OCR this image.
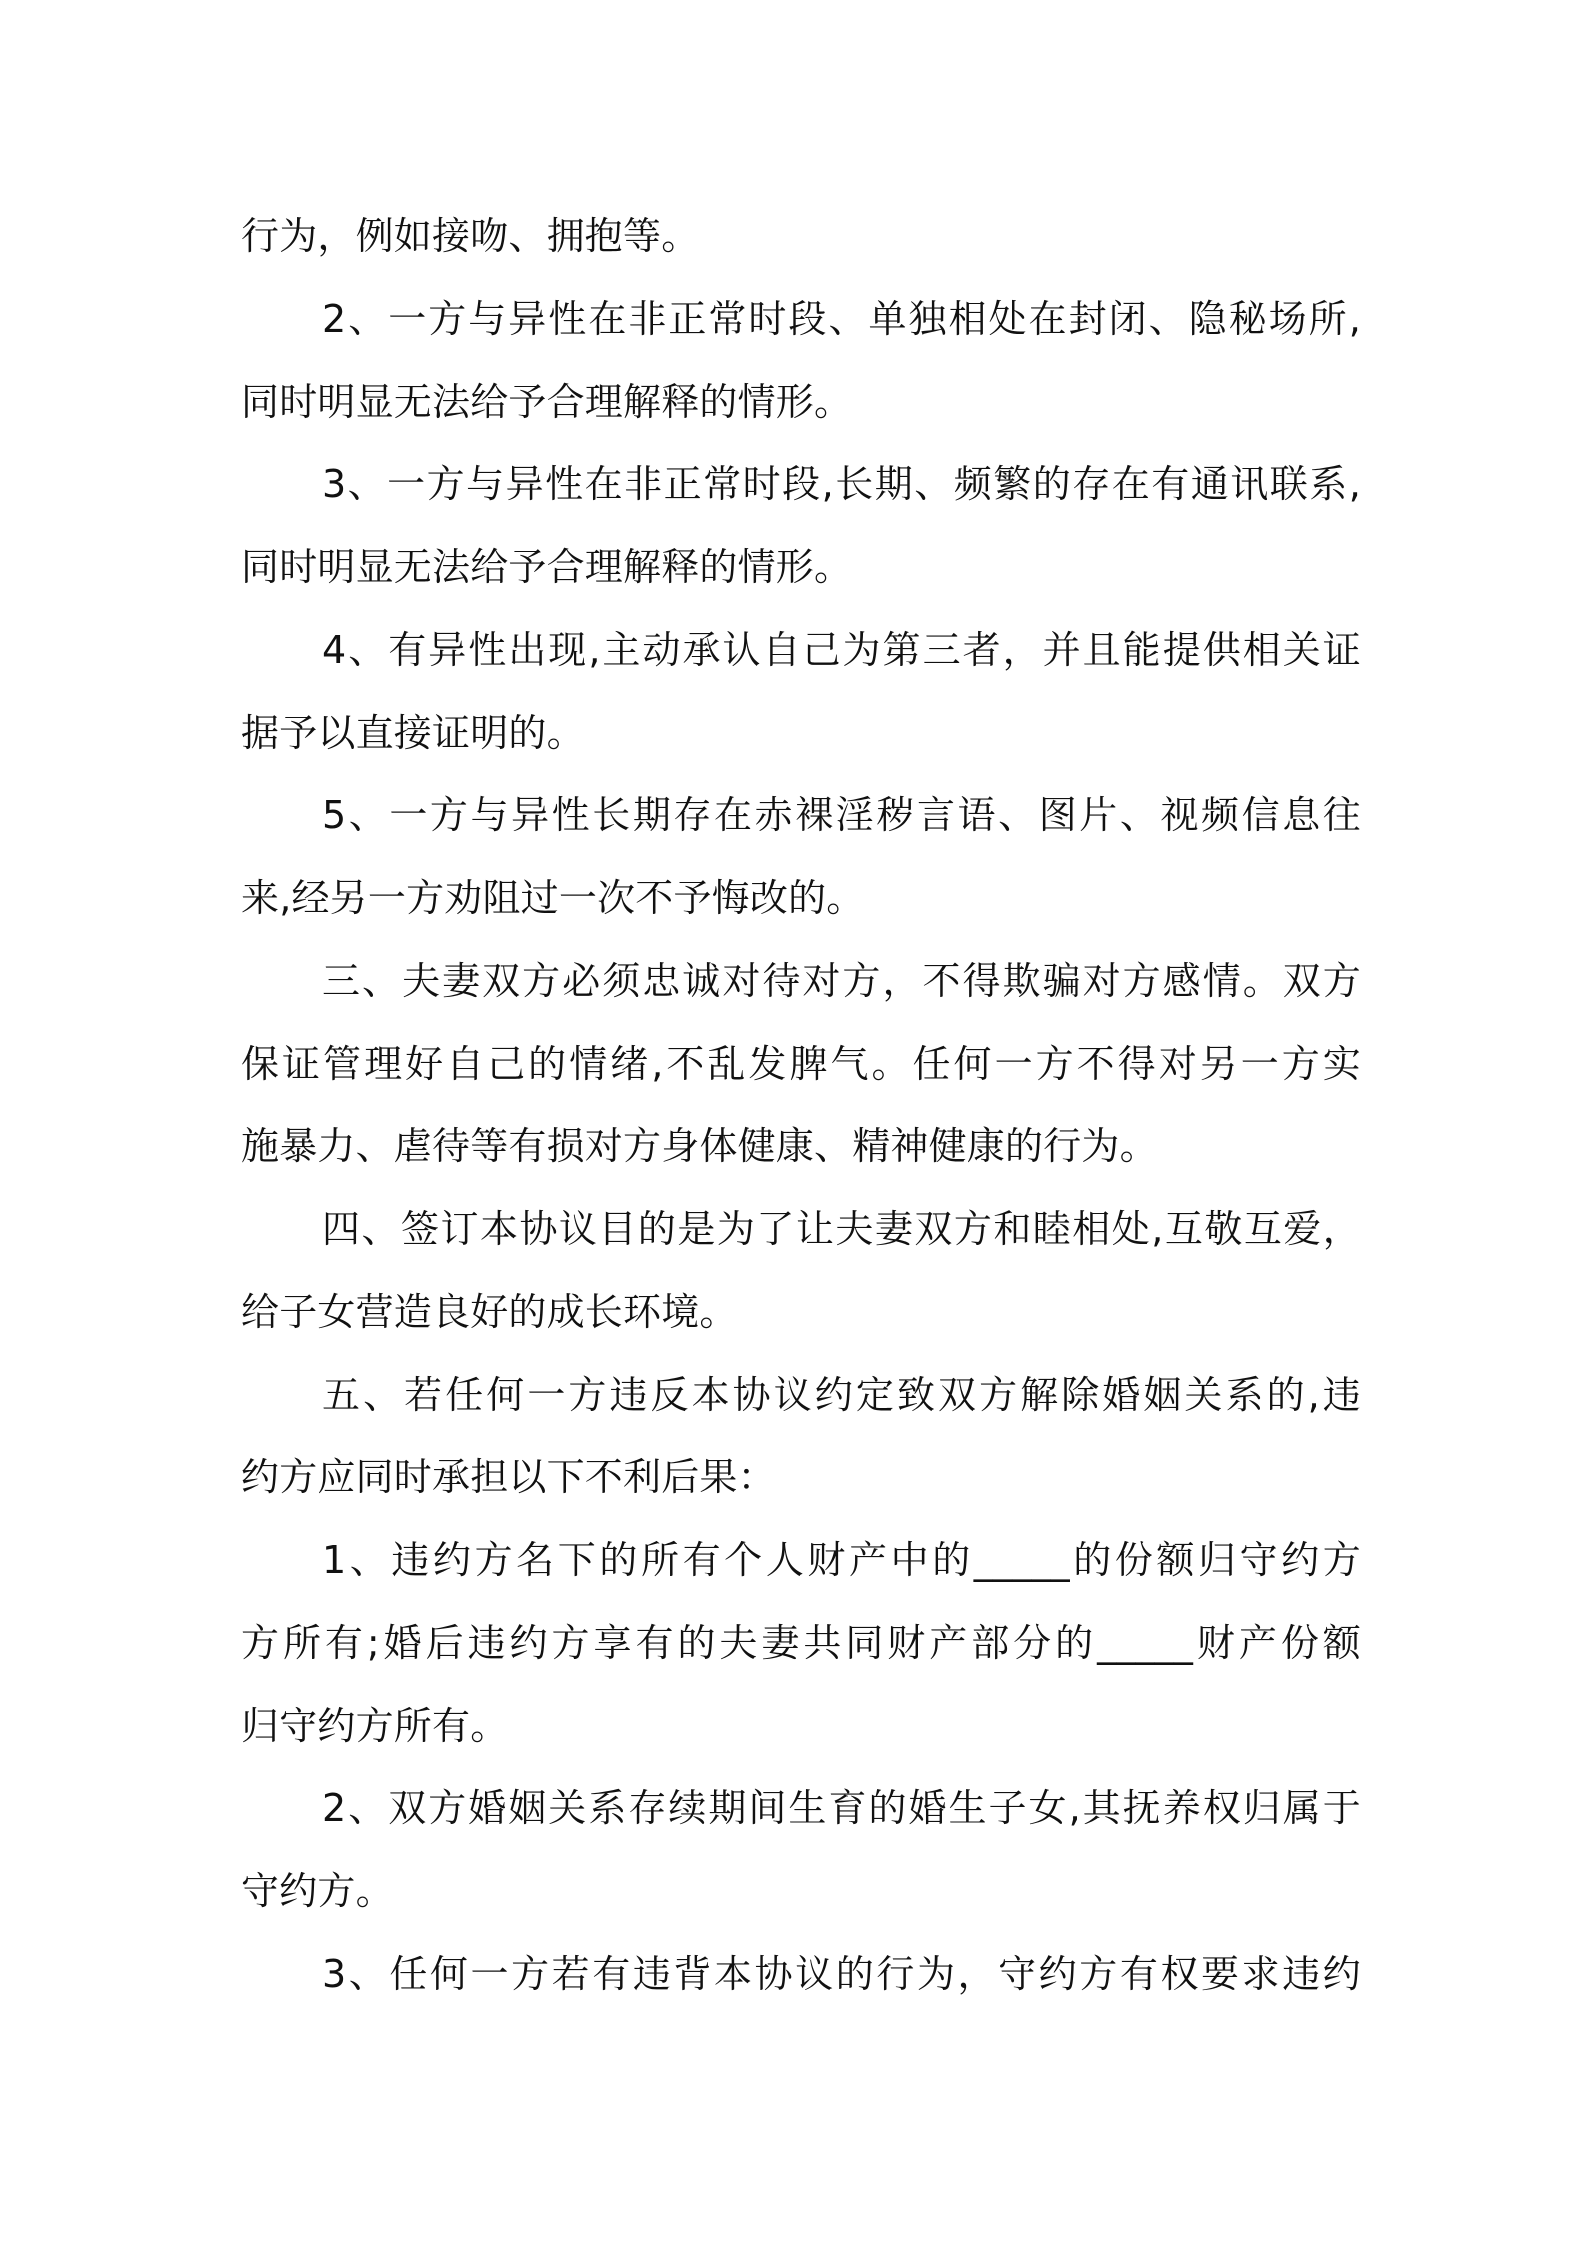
行为，例如接吻、拥抱等。
2、一方与异性在非正常时段、单独相处在封闭、隐秘场所,
同时明显无法给予合理解释的情形。
3、一方与异性在非正常时段,长期、频繁的存在有通讯联系,
同时明显无法给予合理解释的情形。
4、有异性出现,主动承认自己为第三者，并且能提供相关证
据予以直接证明的。
5、一方与异性长期存在赤裸淫秽言语、图片、视频信息往
来,经另一方劝阻过一次不予悔改的。
三、夫妻双方必须忠诚对待对方，不得欺骗对方感情。双方
保证管理好自己的情绪,不乱发脾气。任何一方不得对另一方实
施暴力、虐待等有损对方身体健康、精神健康的行为。
四、签订本协议目的是为了让夫妻双方和睦相处,互敬互爱，
给子女营造良好的成长环境。
五、若任何一方违反本协议约定致双方解除婚姻关系的,违
约方应同时承担以下不利后果：
1、违约方名下的所有个人财产中的_____的份额归守约方
方所有;婚后违约方享有的夫妻共同财产部分的_____财产份额
归守约方所有。
2、双方婚姻关系存续期间生育的婚生子女,其抚养权归属于
守约方。
3、任何一方若有违背本协议的行为，守约方有权要求违约
